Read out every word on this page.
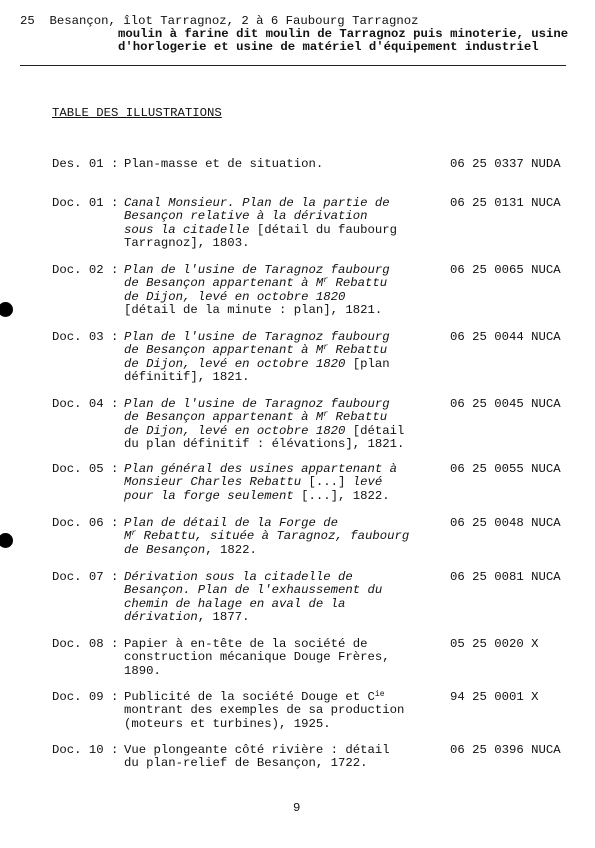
25  Besançon, îlot Tarragnoz, 2 à 6 Faubourg Tarragnoz
moulin à farine dit moulin de Tarragnoz puis minoterie, usine
d'horlogerie et usine de matériel d'équipement industriel
TABLE DES ILLUSTRATIONS
Des. 01 : Plan-masse et de situation.	06 25 0337 NUDA
Doc. 01 : Canal Monsieur. Plan de la partie de
Besançon relative à la dérivation
sous la citadelle [détail du faubourg
Tarragnoz], 1803.
06 25 0131 NUCA
Doc. 02 : Plan de l'usine de Taragnoz faubourg
de Besançon appartenant à $M^r$ Rebattu
de Dijon, levé en octobre 1820
[détail de la minute : plan], 1821.
06 25 0065 NUCA
Doc. 03 : Plan de l'usine de Taragnoz faubourg
de Besançon appartenant à $M^r$ Rebattu
de Dijon, levé en octobre 1820 [plan
définitif], 1821.
06 25 0044 NUCA
Doc. 04 : Plan de l'usine de Taragnoz faubourg
de Besançon appartenant à $M^r$ Rebattu
de Dijon, levé en octobre 1820 [détail
du plan définitif : élévations], 1821.
06 25 0045 NUCA
Doc. 05 : Plan général des usines appartenant à
Monsieur Charles Rebattu [...] levé
pour la forge seulement [...], 1822.
06 25 0055 NUCA
Doc. 06 : Plan de détail de la Forge de
$M^r$ Rebattu, située à Taragnoz, faubourg
de Besançon, 1822.
06 25 0048 NUCA
Doc. 07 : Dérivation sous la citadelle de
Besançon. Plan de l'exhaussement du
chemin de halage en aval de la
dérivation, 1877.
06 25 0081 NUCA
Doc. 08 : Papier à en-tête de la société de
construction mécanique Douge Frères,
1890.
05 25 0020 X
Doc. 09 : Publicité de la société Douge et $C^{ie}$
montrant des exemples de sa production
(moteurs et turbines), 1925.
94 25 0001 X
Doc. 10 : Vue plongeante côté rivière : détail
du plan-relief de Besançon, 1722.
06 25 0396 NUCA
9
